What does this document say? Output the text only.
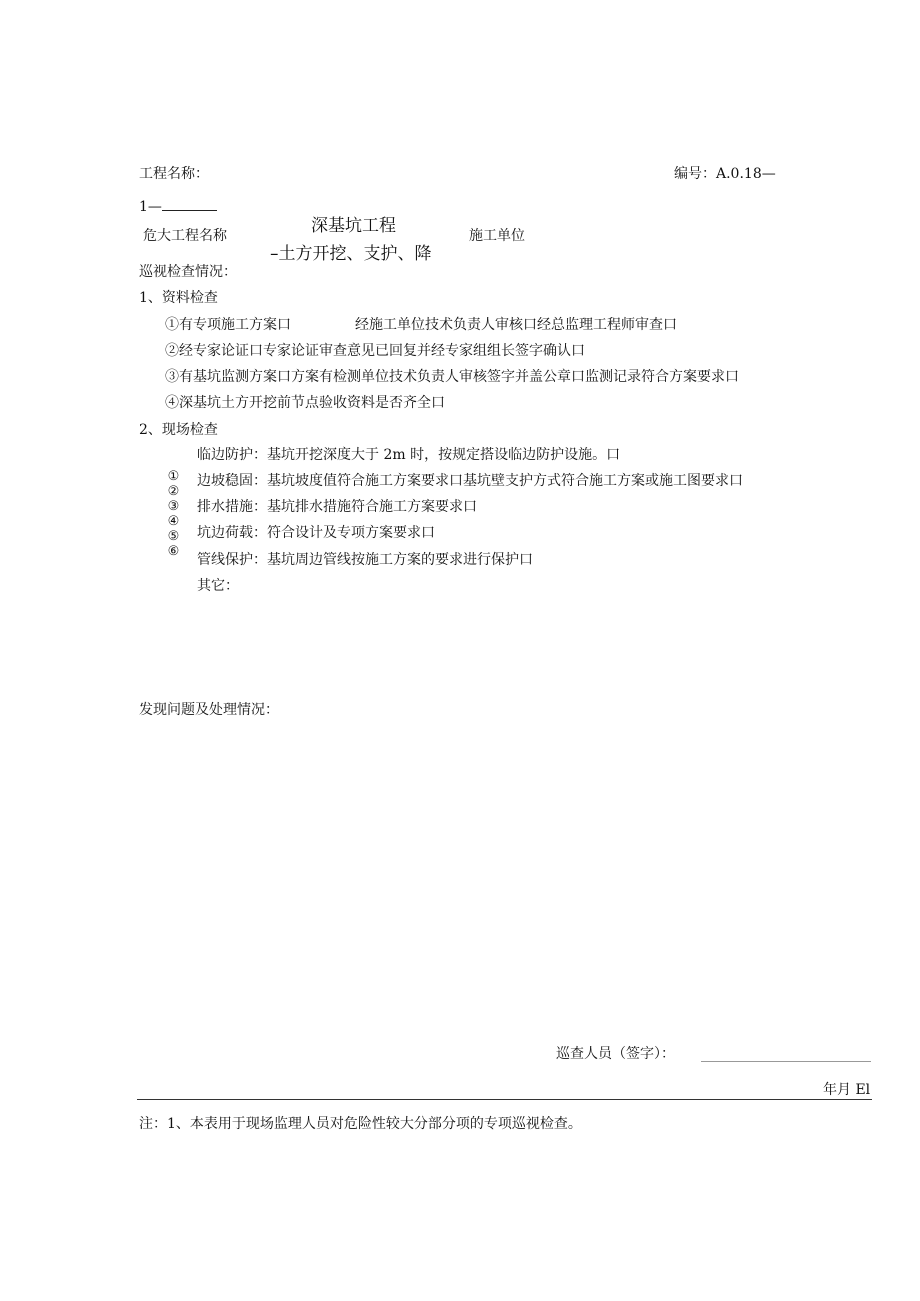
工程名称：	编号：A.0.18—
1—
危大工程名称	深基坑工程
–土方开挖、支护、降
施工单位
巡视检查情况：
1、资料检查
①有专项施工方案口	经施工单位技术负责人审核口经总监理工程师审查口
②经专家论证口专家论证审查意见已回复并经专家组组长签字确认口
③有基坑监测方案口方案有检测单位技术负责人审核签字并盖公章口监测记录符合方案要求口
④深基坑土方开挖前节点验收资料是否齐全口
2、现场检查
①②③④⑤⑥
临边防护：基坑开挖深度大于 2m 时，按规定搭设临边防护设施。口
边坡稳固：基坑坡度值符合施工方案要求口基坑壁支护方式符合施工方案或施工图要求口
排水措施：基坑排水措施符合施工方案要求口
坑边荷载：符合设计及专项方案要求口
管线保护：基坑周边管线按施工方案的要求进行保护口
其它：
发现问题及处理情况：
巡查人员（签字）：
年月 El
注：1、本表用于现场监理人员对危险性较大分部分项的专项巡视检查。
